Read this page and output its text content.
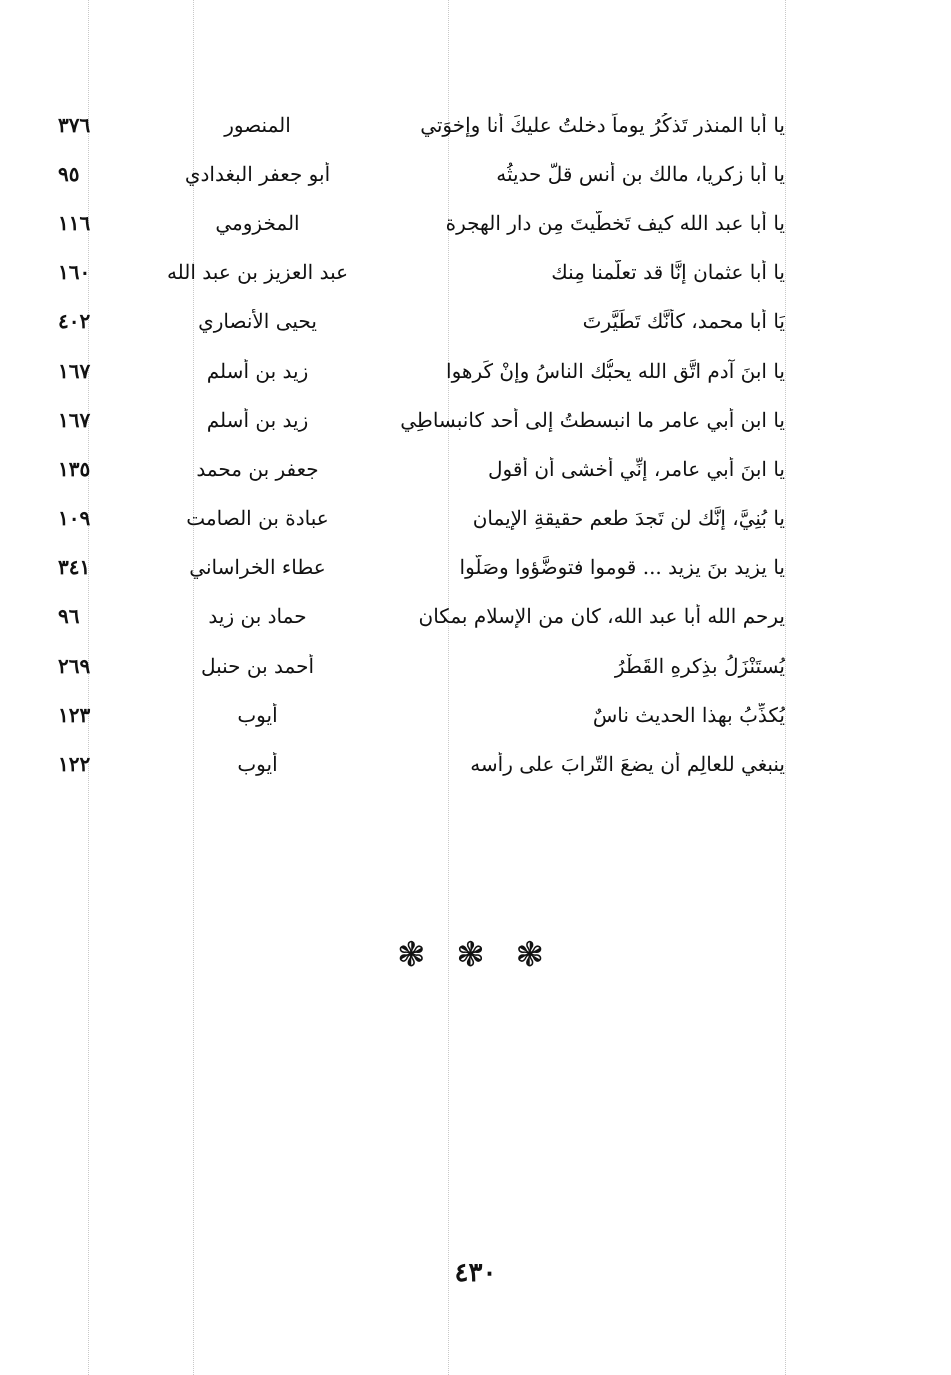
يا أبا المنذر تَذكُرُ يوماً دخلتُ عليكَ أنا وإخوَتي
المنصور
٣٧٦
يا أبا زكريا، مالك بن أنس قلَّ حديثُه
أبو جعفر البغدادي
٩٥
يا أبا عبد الله كيف تَخطَّيتَ مِن دار الهجرة
المخزومي
١١٦
يا أبا عثمان إنَّا قد تعلَّمنا مِنك
عبد العزيز بن عبد الله
١٦٠
يَا أبا محمد، كأنَّك تَطَيَّرتَ
يحيى الأنصاري
٤٠٢
يا ابنَ آدم اتَّق الله يحبُّك الناسُ وإنْ كَرِهوا
زيد بن أسلم
١٦٧
يا ابن أبي عامر ما انبسطتُ إلى أحد كانبساطِي
زيد بن أسلم
١٦٧
يا ابنَ أبي عامر، إنِّي أخشى أن أقول
جعفر بن محمد
١٣٥
يا بُنِيَّ، إنَّك لن تَجدَ طعم حقيقةِ الإيمان
عبادة بن الصامت
١٠٩
يا يزيد بنَ يزيد ... قوموا فتوضَّؤوا وصَلُّوا
عطاء الخراساني
٣٤١
يرحم الله أبا عبد الله، كان من الإسلام بمكان
حماد بن زيد
٩٦
يُستَنْزَلُ بذِكرهِ القَطْرُ
أحمد بن حنبل
٢٦٩
يُكذِّبُ بهذا الحديث ناسٌ
أيوب
١٢٣
ينبغي للعالِم أن يضعَ التّرابَ على رأسه
أيوب
١٢٢
❃ ❃ ❃
٤٣٠
